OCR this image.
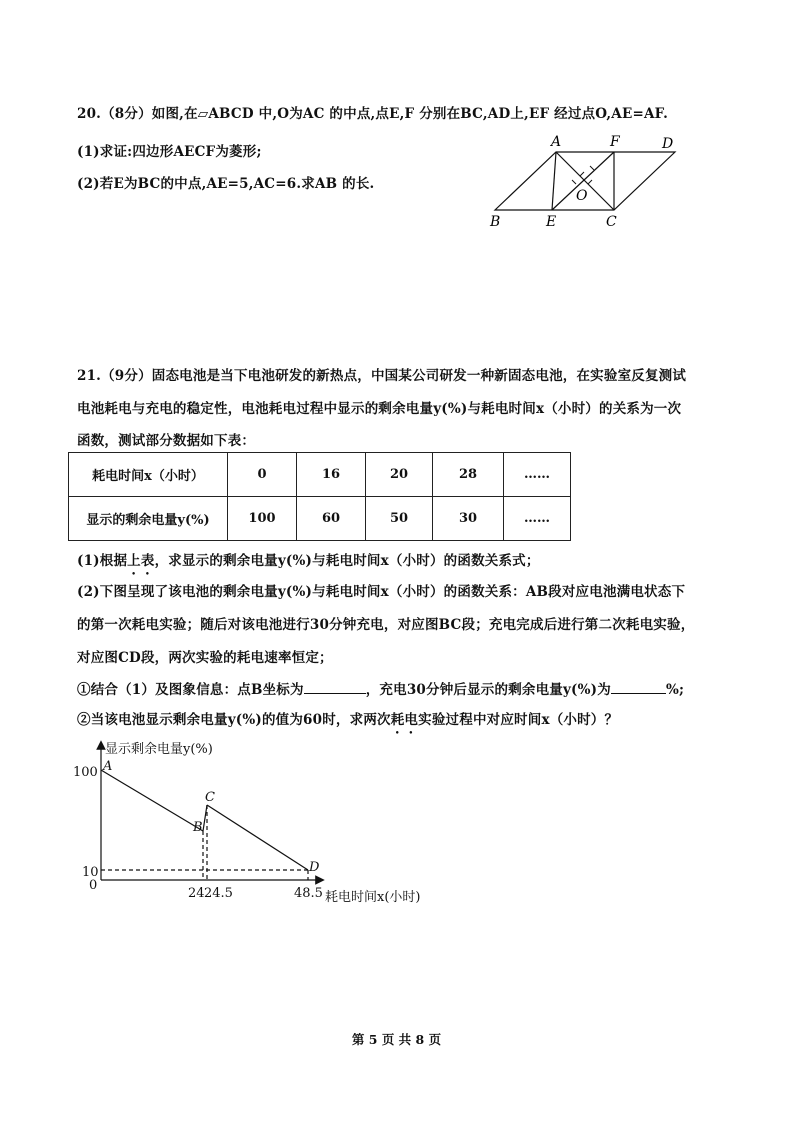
20.（8分）如图,在▱ABCD 中,O为AC 的中点,点E,F 分别在BC,AD上,EF 经过点O,AE=AF.
(1)求证:四边形AECF为菱形;
(2)若E为BC的中点,AE=5,AC=6.求AB 的长.
A	F	D
B	E	C
O
21.（9分）固态电池是当下电池研发的新热点，中国某公司研发一种新固态电池，在实验室反复测试
电池耗电与充电的稳定性，电池耗电过程中显示的剩余电量y(%)与耗电时间x（小时）的关系为一次
函数，测试部分数据如下表：
耗电时间x（小时）	0	16	20	28	……
显示的剩余电量y(%)	100	60	50	30	……
(1)根据上表，求显示的剩余电量y(%)与耗电时间x（小时）的函数关系式；
(2)下图呈现了该电池的剩余电量y(%)与耗电时间x（小时）的函数关系：AB段对应电池满电状态下
的第一次耗电实验；随后对该电池进行30分钟充电，对应图BC段；充电完成后进行第二次耗电实验，
对应图CD段，两次实验的耗电速率恒定；
①结合（1）及图象信息：点B坐标为	，充电30分钟后显示的剩余电量y(%)为	%;
②当该电池显示剩余电量y(%)的值为60时，求两次耗电实验过程中对应时间x（小时）？
显示剩余电量y(%)
耗电时间x(小时)
100
10
0
24 24.5	48.5
A
B
C
D
第 5 页 共 8 页
